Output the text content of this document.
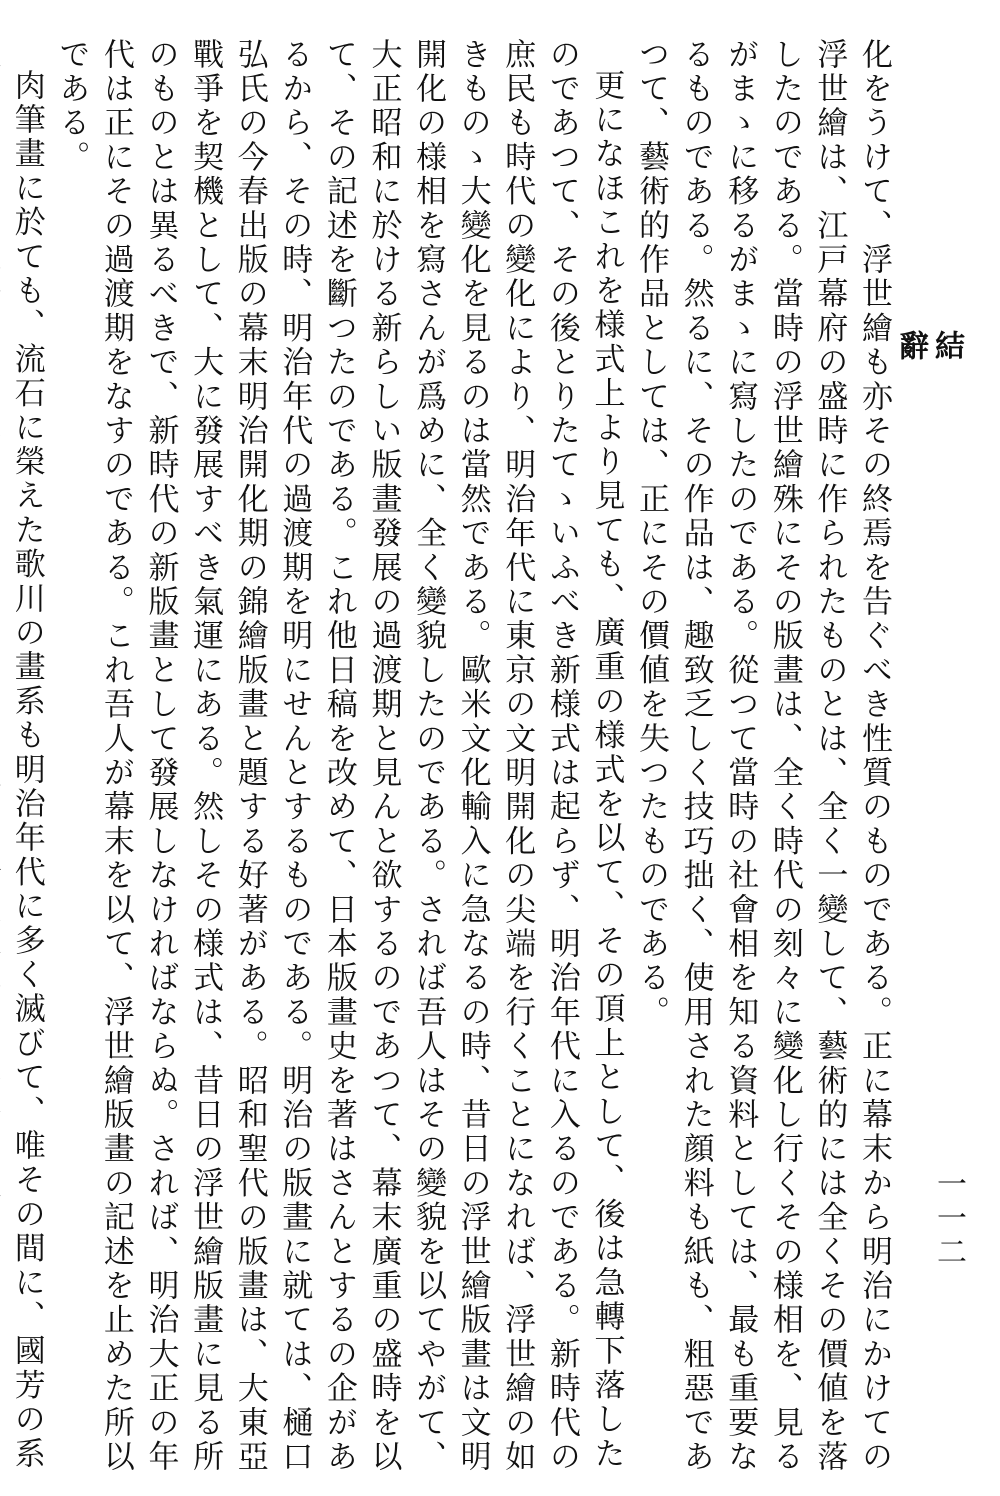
結辭
一一二

化をうけて、浮世繪も亦その終焉を告ぐべき性質のものである。正に幕末から明治にかけての浮世繪は、江戸幕府の盛時に作られたものとは、全く一變して、藝術的には全くその價値を落したのである。當時の浮世繪殊にその版畫は、全く時代の刻々に變化し行くその様相を、見るがまゝに移るがまゝに寫したのである。從つて當時の社會相を知る資料としては、最も重要なるものである。然るに、その作品は、趣致乏しく技巧拙く、使用された顔料も紙も、粗惡であつて、藝術的作品としては、正にその價値を失つたものである。

更になほこれを様式上より見ても、廣重の様式を以て、その頂上として、後は急轉下落したのであつて、その後とりたてゝいふべき新様式は起らず、明治年代に入るのである。新時代の庶民も時代の變化により、明治年代に東京の文明開化の尖端を行くことになれば、浮世繪の如きものゝ大變化を見るのは當然である。歐米文化輸入に急なるの時、昔日の浮世繪版畫は文明開化の様相を寫さんが爲めに、全く變貌したのである。されば吾人はその變貌を以てやがて、大正昭和に於ける新らしい版畫發展の過渡期と見んと欲するのであつて、幕末廣重の盛時を以て、その記述を斷つたのである。これ他日稿を改めて、日本版畫史を著はさんとするの企があるから、その時、明治年代の過渡期を明にせんとするものである。明治の版畫に就ては、樋口弘氏の今春出版の幕末明治開化期の錦繪版畫と題する好著がある。昭和聖代の版畫は、大東亞戰爭を契機として、大に發展すべき氣運にある。然しその様式は、昔日の浮世繪版畫に見る所のものとは異るべきで、新時代の新版畫として發展しなければならぬ。されば、明治大正の年代は正にその過渡期をなすのである。これ吾人が幕末を以て、浮世繪版畫の記述を止めた所以である。

肉筆畫に於ても、流石に榮えた歌川の畫系も明治年代に多く滅びて、唯その間に、國芳の系
